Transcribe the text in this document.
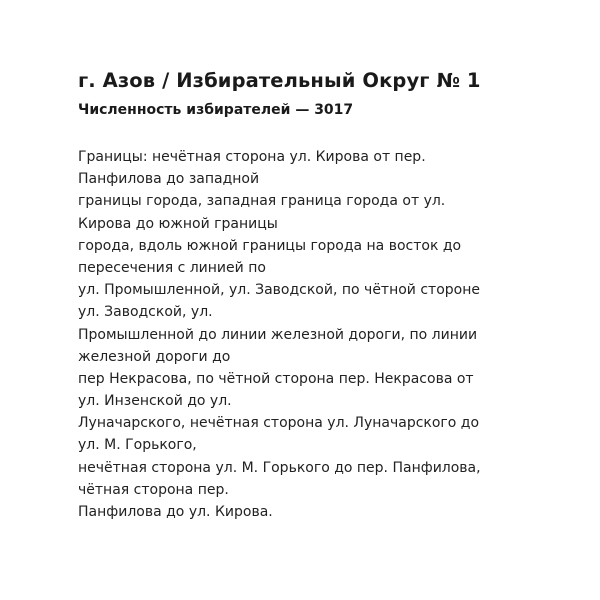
г. Азов / Избирательный Округ № 1
Численность избирателей — 3017
Границы: нечётная сторона ул. Кирова от пер.
Панфилова до западной
границы города, западная граница города от ул.
Кирова до южной границы
города, вдоль южной границы города на восток до
пересечения с линией по
ул. Промышленной, ул. Заводской, по чётной стороне
ул. Заводской, ул.
Промышленной до линии железной дороги, по линии
железной дороги до
пер Некрасова, по чётной сторона пер. Некрасова от
ул. Инзенской до ул.
Луначарского, нечётная сторона ул. Луначарского до
ул. М. Горького,
нечётная сторона ул. М. Горького до пер. Панфилова,
чётная сторона пер.
Панфилова до ул. Кирова.
